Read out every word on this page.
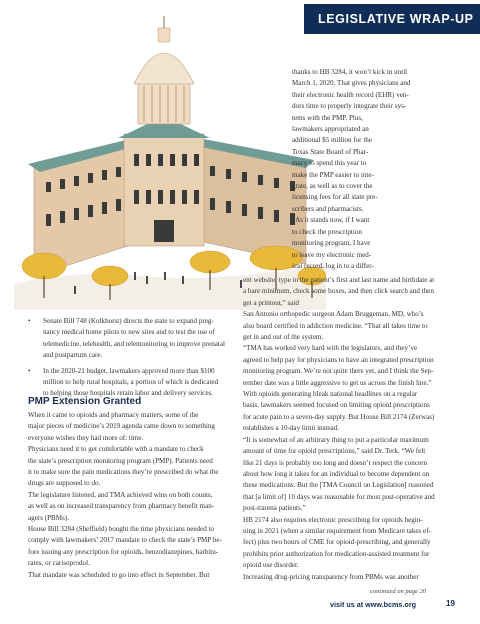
LEGISLATIVE WRAP-UP
thanks to HB 3284, it won’t kick in until
March 1, 2020. That gives physicians and
their electronic health record (EHR) ven-
dors time to properly integrate their sys-
tems with the PMP. Plus,
lawmakers appropriated an
additional $5 million for the
Texas State Board of Phar-
macy to spend this year to
make the PMP easier to inte-
grate, as well as to cover the
licensing fees for all state pre-
scribers and pharmacists.
“As it stands now, if I want
to check the prescription
monitoring program, I have
to leave my electronic med-
ical record, log in to a differ-
ent website, type in the patient’s first and last name and birthdate at
a bare minimum, check some boxes, and then click search and then
get a printout,” said
San Antonio orthopedic surgeon Adam Bruggeman, MD, who’s
also board certified in addiction medicine. “That all takes time to
get in and out of the system.
“TMA has worked very hard with the legislators, and they’ve
agreed to help pay for physicians to have an integrated prescription
monitoring program. We’re not quite there yet, and I think the Sep-
tember date was a little aggressive to get us across the finish line.”
With opioids generating bleak national headlines on a regular
basis, lawmakers seemed focused on limiting opioid prescriptions
for acute pain to a seven-day supply. But House Bill 2174 (Zerwas)
establishes a 10-day limit instead.
“It is somewhat of an arbitrary thing to put a particular maximum
amount of time for opioid prescriptions,” said Dr. Terk. “We felt
like 21 days is probably too long and doesn’t respect the concern
about how long it takes for an individual to become dependent on
these medications. But the [TMA Council on Legislation] reasoned
that [a limit of] 10 days was reasonable for most post-operative and
post-trauma patients.”
HB 2174 also requires electronic prescribing for opioids begin-
ning in 2021 (when a similar requirement from Medicare takes ef-
fect) plus two hours of CME for opioid-prescribing, and generally
prohibits prior authorization for medication-assisted treatment for
opioid use disorder.
Increasing drug-pricing transparency from PBMs was another
• Senate Bill 748 (Kolkhorst) directs the state to expand preg-
nancy medical home pilots to new sites and to test the use of
telemedicine, telehealth, and telemonitoring to improve prenatal
and postpartum care.
• In the 2020-21 budget, lawmakers approved more than $100
million to help rural hospitals, a portion of which is dedicated
to helping those hospitals retain labor and delivery services.
PMP Extension Granted
When it came to opioids and pharmacy matters, some of the
major pieces of medicine’s 2019 agenda came down to something
everyone wishes they had more of: time.
Physicians need it to get comfortable with a mandate to check
the state’s prescription monitoring program (PMP). Patients need
it to make sure the pain medications they’re prescribed do what the
drugs are supposed to do.
The legislature listened, and TMA achieved wins on both counts,
as well as on increased transparency from pharmacy benefit man-
agers (PBMs).
House Bill 3284 (Sheffield) bought the time physicians needed to
comply with lawmakers’ 2017 mandate to check the state’s PMP be-
fore issuing any prescription for opioids, benzodiazepines, barbitu-
rates, or carisoprodol.
That mandate was scheduled to go into effect in September. But
continued on page 20
visit us at www.bcms.org	19
